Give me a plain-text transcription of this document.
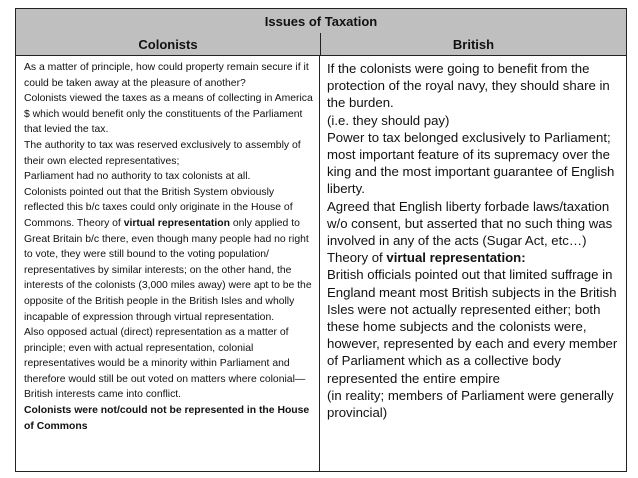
Issues of Taxation
Colonists	British

As a matter of principle, how could property remain secure if it could be taken away at the pleasure of another?

Colonists viewed the taxes as a means of collecting in America $ which would benefit only the constituents of the Parliament that levied the tax.

The authority to tax was reserved exclusively to assembly of their own elected representatives;

Parliament had no authority to tax colonists at all.

Colonists pointed out that the British System obviously reflected this b/c taxes could only originate in the House of Commons. Theory of virtual representation only applied to Great Britain b/c there, even though many people had no right to vote, they were still bound to the voting population/ representatives by similar interests; on the other hand, the interests of the colonists (3,000 miles away) were apt to be the opposite of the British people in the British Isles and wholly incapable of expression through virtual representation.

Also opposed actual (direct) representation as a matter of principle; even with actual representation, colonial representatives would be a minority within Parliament and therefore would still be out voted on matters where colonial—British interests came into conflict.

Colonists were not/could not be represented in the House of Commons

If the colonists were going to benefit from the protection of the royal navy, they should share in the burden.

(i.e. they should pay)

Power to tax belonged exclusively to Parliament; most important feature of its supremacy over the king and the most important guarantee of English liberty.

Agreed that English liberty forbade laws/taxation w/o consent, but asserted that no such thing was involved in any of the acts (Sugar Act, etc…)

Theory of virtual representation:

British officials pointed out that limited suffrage in England meant most British subjects in the British Isles were not actually represented either; both these home subjects and the colonists were, however, represented by each and every member of Parliament which as a collective body represented the entire empire

(in reality; members of Parliament were generally provincial)
